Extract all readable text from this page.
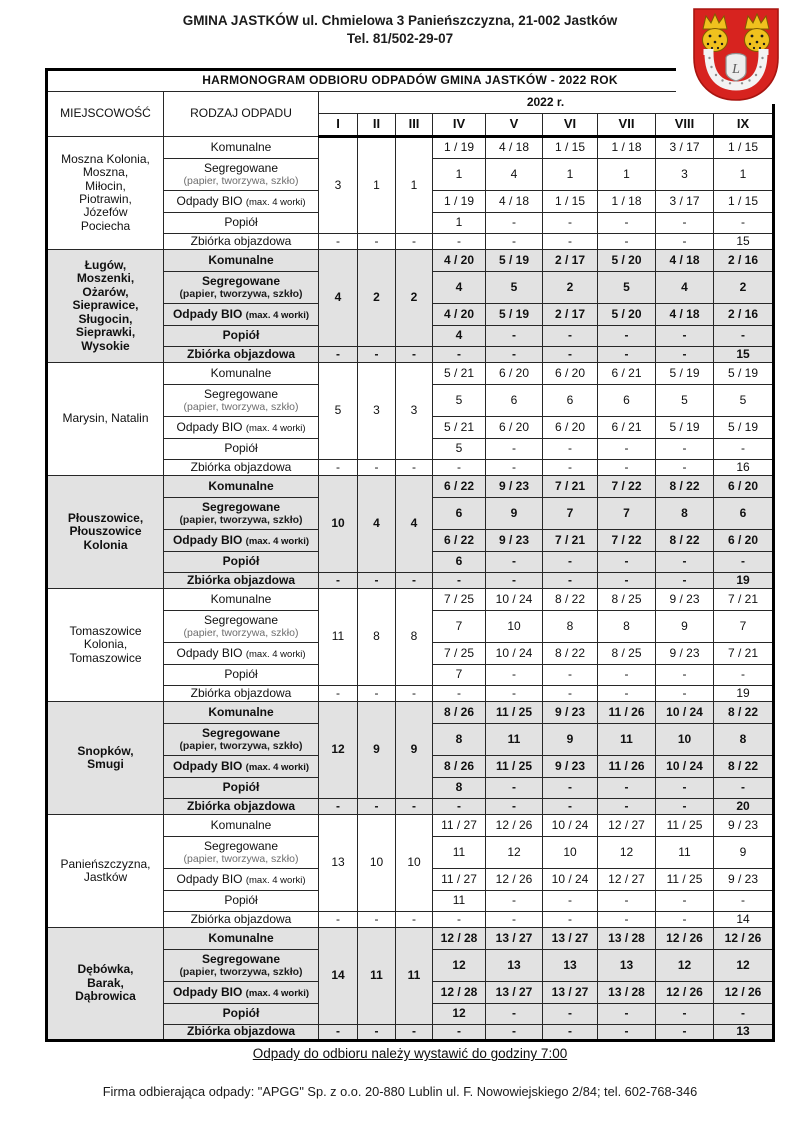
GMINA JASTKÓW ul. Chmielowa 3 Panieńszczyzna, 21-002 Jastków
Tel. 81/502-29-07
HARMONOGRAM ODBIORU ODPADÓW GMINA JASTKÓW - 2022 ROK										
MIEJSCOWOŚĆ	RODZAJ ODPADU	2022 r.								
		I	II	III	IV	V	VI	VII	VIII	IX
Moszna Kolonia,
Moszna,
Miłocin,
Piotrawin,
Józefów
Pociecha	Komunalne	3	1	1	1 / 19	4 / 18	1 / 15	1 / 18	3 / 17	1 / 15
	Segregowane
(papier, tworzywa, szkło)				1	4	1	1	3	1
	Odpady BIO (max. 4 worki)				1 / 19	4 / 18	1 / 15	1 / 18	3 / 17	1 / 15
	Popiół				1	-	-	-	-	-
	Zbiórka objazdowa	-	-	-	-	-	-	-	-	15
Ługów,
Moszenki,
Ożarów,
Sieprawice,
Sługocin,
Sieprawki,
Wysokie	Komunalne	4	2	2	4 / 20	5 / 19	2 / 17	5 / 20	4 / 18	2 / 16
	Segregowane
(papier, tworzywa, szkło)				4	5	2	5	4	2
	Odpady BIO (max. 4 worki)				4 / 20	5 / 19	2 / 17	5 / 20	4 / 18	2 / 16
	Popiół				4	-	-	-	-	-
	Zbiórka objazdowa	-	-	-	-	-	-	-	-	15
Marysin, Natalin	Komunalne	5	3	3	5 / 21	6 / 20	6 / 20	6 / 21	5 / 19	5 / 19
	Segregowane
(papier, tworzywa, szkło)				5	6	6	6	5	5
	Odpady BIO (max. 4 worki)				5 / 21	6 / 20	6 / 20	6 / 21	5 / 19	5 / 19
	Popiół				5	-	-	-	-	-
	Zbiórka objazdowa	-	-	-	-	-	-	-	-	16
Płouszowice,
Płouszowice
Kolonia	Komunalne	10	4	4	6 / 22	9 / 23	7 / 21	7 / 22	8 / 22	6 / 20
	Segregowane
(papier, tworzywa, szkło)				6	9	7	7	8	6
	Odpady BIO (max. 4 worki)				6 / 22	9 / 23	7 / 21	7 / 22	8 / 22	6 / 20
	Popiół				6	-	-	-	-	-
	Zbiórka objazdowa	-	-	-	-	-	-	-	-	19
Tomaszowice
Kolonia,
Tomaszowice	Komunalne	11	8	8	7 / 25	10 / 24	8 / 22	8 / 25	9 / 23	7 / 21
	Segregowane
(papier, tworzywa, szkło)				7	10	8	8	9	7
	Odpady BIO (max. 4 worki)				7 / 25	10 / 24	8 / 22	8 / 25	9 / 23	7 / 21
	Popiół				7	-	-	-	-	-
	Zbiórka objazdowa	-	-	-	-	-	-	-	-	19
Snopków,
Smugi	Komunalne	12	9	9	8 / 26	11 / 25	9 / 23	11 / 26	10 / 24	8 / 22
	Segregowane
(papier, tworzywa, szkło)				8	11	9	11	10	8
	Odpady BIO (max. 4 worki)				8 / 26	11 / 25	9 / 23	11 / 26	10 / 24	8 / 22
	Popiół				8	-	-	-	-	-
	Zbiórka objazdowa	-	-	-	-	-	-	-	-	20
Panieńszczyzna,
Jastków	Komunalne	13	10	10	11 / 27	12 / 26	10 / 24	12 / 27	11 / 25	9 / 23
	Segregowane
(papier, tworzywa, szkło)				11	12	10	12	11	9
	Odpady BIO (max. 4 worki)				11 / 27	12 / 26	10 / 24	12 / 27	11 / 25	9 / 23
	Popiół				11	-	-	-	-	-
	Zbiórka objazdowa	-	-	-	-	-	-	-	-	14
Dębówka,
Barak,
Dąbrowica	Komunalne	14	11	11	12 / 28	13 / 27	13 / 27	13 / 28	12 / 26	12 / 26
	Segregowane
(papier, tworzywa, szkło)				12	13	13	13	12	12
	Odpady BIO (max. 4 worki)				12 / 28	13 / 27	13 / 27	13 / 28	12 / 26	12 / 26
	Popiół				12	-	-	-	-	-
	Zbiórka objazdowa	-	-	-	-	-	-	-	-	13
L
Odpady do odbioru należy wystawić do godziny 7:00
Firma odbierająca odpady: "APGG" Sp. z o.o. 20-880 Lublin ul. F. Nowowiejskiego 2/84; tel. 602-768-346
